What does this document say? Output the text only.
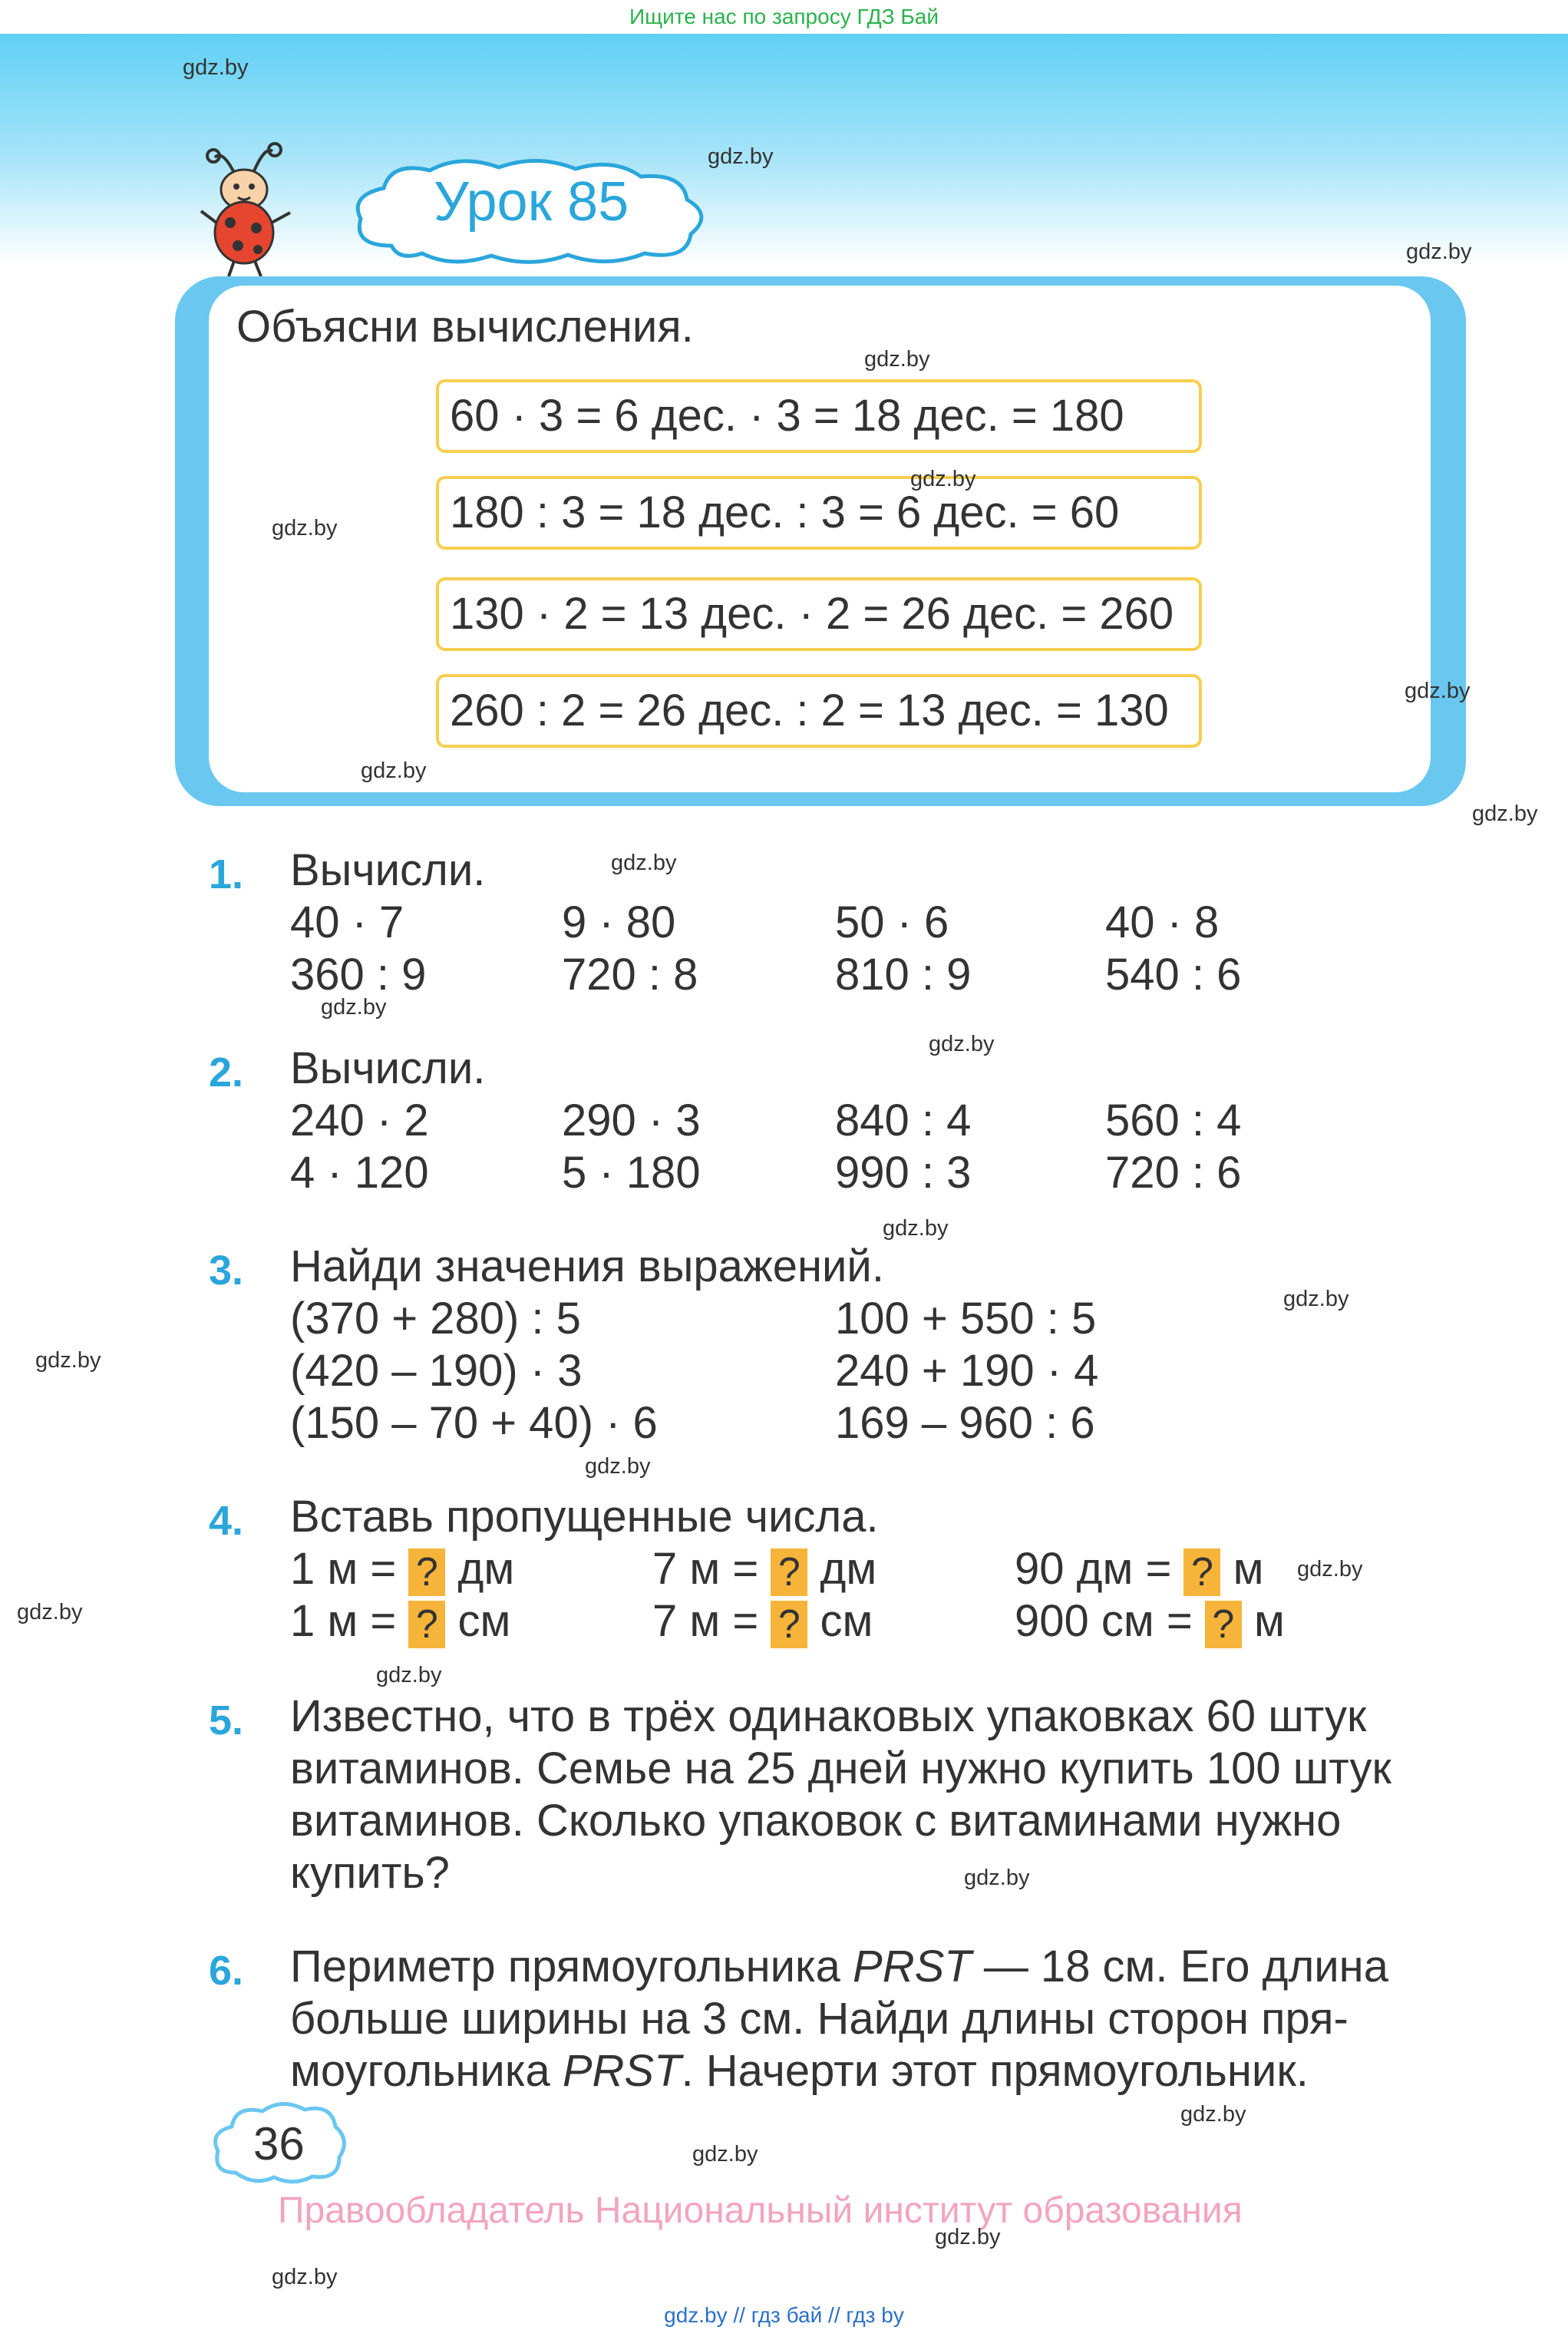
Ищите нас по запросу ГДЗ Бай
Урок 85
Объясни вычисления.
60 · 3 = 6 дес. · 3 = 18 дес. = 180
180 : 3 = 18 дес. : 3 = 6 дес. = 60
130 · 2 = 13 дес. · 2 = 26 дес. = 260
260 : 2 = 26 дес. : 2 = 13 дес. = 130
1. Вычисли.
40 · 7	9 · 80	50 · 6	40 · 8
360 : 9	720 : 8	810 : 9	540 : 6
2. Вычисли.
240 · 2	290 · 3	840 : 4	560 : 4
4 · 120	5 · 180	990 : 3	720 : 6
3. Найди значения выражений.
(370 + 280) : 5	100 + 550 : 5
(420 – 190) · 3	240 + 190 · 4
(150 – 70 + 40) · 6	169 – 960 : 6
4. Вставь пропущенные числа.
1 м = ? дм	7 м = ? дм	90 дм = ? м
1 м = ? см	7 м = ? см	900 см = ? м
5. Известно, что в трёх одинаковых упаковках 60 штук
витаминов. Семье на 25 дней нужно купить 100 штук
витаминов. Сколько упаковок с витаминами нужно
купить?
6. Периметр прямоугольника PRST — 18 см. Его длина
больше ширины на 3 см. Найди длины сторон пря-
моугольника PRST. Начерти этот прямоугольник.
36
Правообладатель Национальный институт образования
gdz.by // гдз бай // гдз by
gdz.by
gdz.by
gdz.by
gdz.by
gdz.by
gdz.by
gdz.by
gdz.by
gdz.by
gdz.by
gdz.by
gdz.by
gdz.by
gdz.by
gdz.by
gdz.by
gdz.by
gdz.by
gdz.by
gdz.by
gdz.by
gdz.by
gdz.by
gdz.by
